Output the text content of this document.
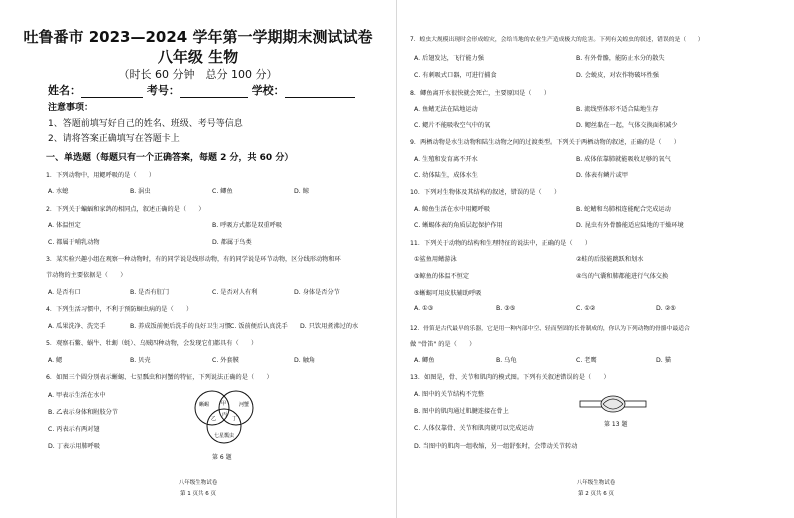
吐鲁番市 2023—2024 学年第一学期期末测试试卷
八年级 生物
（时长 60 分钟　总分 100 分）
姓名：	考号：	学校：
注意事项：
1、答题前填写好自己的姓名、班级、考号等信息
2、请将答案正确填写在答题卡上
一、单选题（每题只有一个正确答案，每题 2 分，共 60 分）
1．下列动物中，用鳃呼吸的是（　　）
A. 水螅	B. 涡虫	C. 鲫鱼	D. 鲸
2．下列关于蝙蝠和家鸽的相同点，叙述正确的是（　　）
A. 体温恒定	B. 呼吸方式都是双重呼吸
C. 都属于哺乳动物	D. 都属于鸟类
3．某实验兴趣小组在观察一种动物时，有的同学说是线形动物，有的同学说是环节动物，区分线形动物和环
节动物的主要依据是（　　）
A. 是否有口	B. 是否有肛门	C. 是否对人有利	D. 身体是否分节
4．下列生活习惯中，不利于预防蛔虫病的是（　　）
A. 瓜果洗净、洗完手	B. 养成饭前便后洗手的良好卫生习惯 C. 饭前便后认真洗手 D. 只饮用煮沸过的水
5．观察石鳖、蜗牛、牡蛎（蚝）、乌贼四种动物，会发现它们都具有（　　）
A. 鳃	B. 贝壳	C. 外套膜	D. 触角
6．如图三个圆分别表示蜥蜴、七星瓢虫和河蟹的特征，下列说法正确的是（　　）
A. 甲表示生活在水中
B. 乙表示身体和附肢分节
C. 丙表示有两对翅
D. 丁表示用肺呼吸
蜥蜴	河蟹
七星瓢虫
甲
乙
丙
丁
第 6 题
八年级生物试卷
第 1 页共 6 页
7．蝗虫大规模出现时会形成蝗灾，会给当地的农业生产造成极大的危害。下列有关蝗虫的叙述，错误的是（　　）
A. 后翅发达，飞行能力强	B. 有外骨骼，能防止水分的散失
C. 有刺吸式口器，可进行捕食	D. 会蜕皮，对农作物破坏性强
8．鲫鱼离开水很快就会死亡，主要原因是（　　）
A. 鱼鳍无法在陆地运动	B. 流线型体形不适合陆地生存
C. 鳃片不能吸收空气中的氧	D. 鳃丝黏在一起，气体交换面积减少
9．两栖动物是水生动物和陆生动物之间的过渡类型。下列关于两栖动物的叙述，正确的是（　　）
A. 生殖和发育离不开水	B. 成体依靠肺就能吸收足够的氧气
C. 幼体陆生，成体水生	D. 体表有鳞片或甲
10．下列对生物体及其结构的叙述，错误的是（　　）
A. 鲸鱼生活在水中用鳃呼吸	B. 蛇鳍和鸟肺相连能配合完成运动
C. 蜥蜴体表的角质层起保护作用	D. 昆虫有外骨骼能适应陆地的干燥环境
11．下列关于动物的结构和生理特征的说法中，正确的是（　　）
①鲨鱼用鳍游泳	②蛙的后肢能跳跃和划水
③鲸鱼的体温不恒定	④鸟的气囊和肺都能进行气体交换
⑤蜥蜴可用皮肤辅助呼吸
A. ①③	B. ③⑤	C. ①②	D. ②⑤
12．骨笛是古代最早的乐器，它是用一种内部中空、轻而坚固的长骨制成的，你认为下列动物的骨骼中最适合
做 "骨笛" 的是（　　）
A. 鲫鱼	B. 乌龟	C. 老鹰	D. 猫
13．如图是，骨、关节和肌肉的模式图。下列有关叙述错误的是（　　）
A. 图中的关节结构不完整
B. 图中的肌肉通过肌腱连接在骨上
C. 人体仅靠骨、关节和肌肉就可以完成运动
D. 当图中的肌肉一组收缩，另一组舒张时，会带动关节转动
第 13 题
八年级生物试卷
第 2 页共 6 页
